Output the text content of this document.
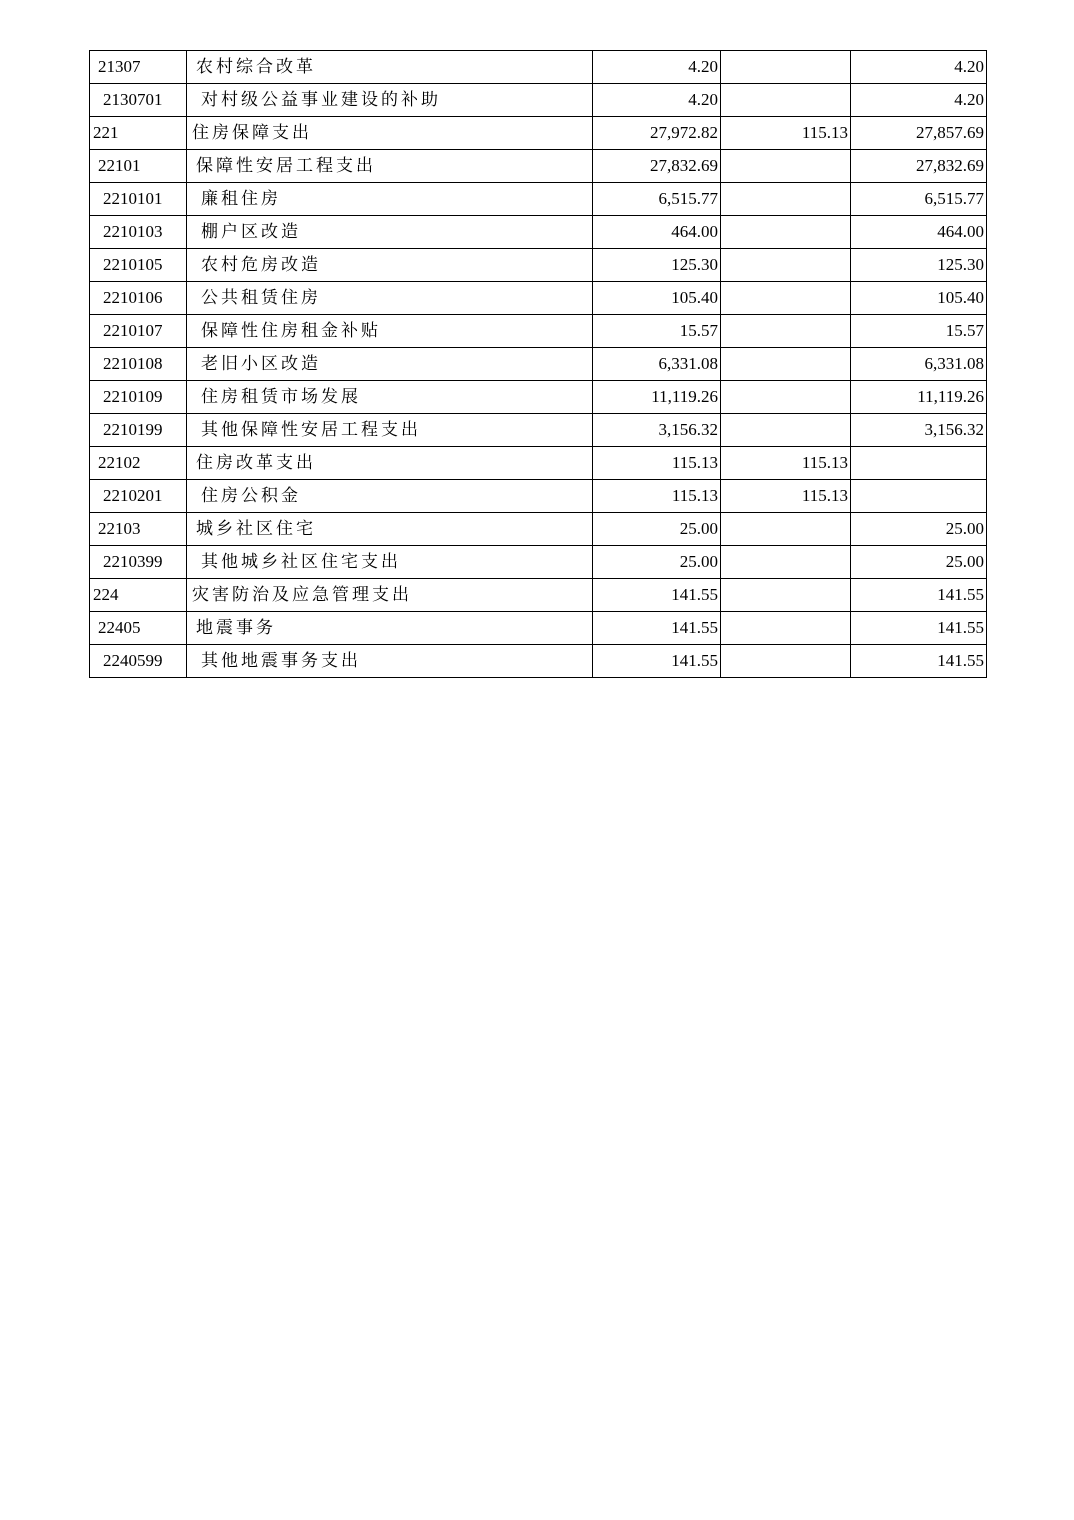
21307	农村综合改革	4.20		4.20
2130701	对村级公益事业建设的补助	4.20		4.20
221	住房保障支出	27,972.82	115.13	27,857.69
22101	保障性安居工程支出	27,832.69		27,832.69
2210101	廉租住房	6,515.77		6,515.77
2210103	棚户区改造	464.00		464.00
2210105	农村危房改造	125.30		125.30
2210106	公共租赁住房	105.40		105.40
2210107	保障性住房租金补贴	15.57		15.57
2210108	老旧小区改造	6,331.08		6,331.08
2210109	住房租赁市场发展	11,119.26		11,119.26
2210199	其他保障性安居工程支出	3,156.32		3,156.32
22102	住房改革支出	115.13	115.13	
2210201	住房公积金	115.13	115.13	
22103	城乡社区住宅	25.00		25.00
2210399	其他城乡社区住宅支出	25.00		25.00
224	灾害防治及应急管理支出	141.55		141.55
22405	地震事务	141.55		141.55
2240599	其他地震事务支出	141.55		141.55
